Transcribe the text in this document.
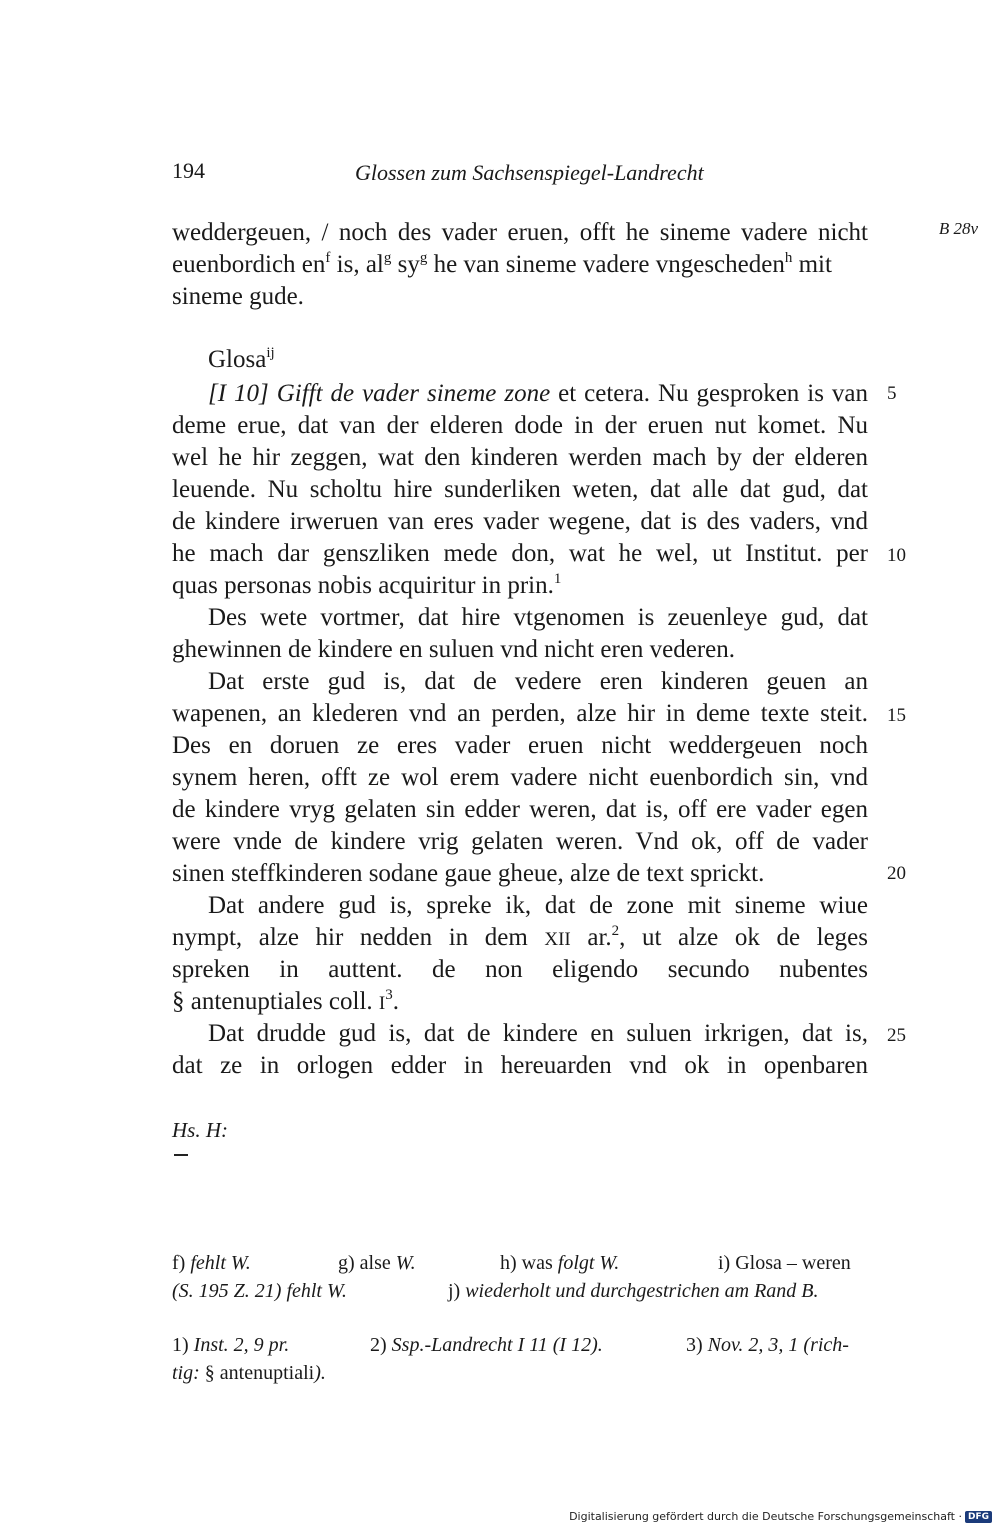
194	Glossen zum Sachsenspiegel-Landrecht
B 28v
weddergeuen, / noch des vader eruen, offt he sineme vadere nicht
euenbordich $en^f$ is, $al^g$ $sy^g$ he van sineme vadere vngescheden$^h$ mit
sineme gude.
Glosa$^{ij}$
[I 10] Gifft de vader sineme zone et cetera. Nu gesproken is van
deme erue, dat van der elderen dode in der eruen nut komet. Nu
wel he hir zeggen, wat den kinderen werden mach by der elderen
leuende. Nu scholtu hire sunderliken weten, dat alle dat gud, dat
de kindere irweruen van eres vader wegene, dat is des vaders, vnd
he mach dar genszliken mede don, wat he wel, ut Institut. per
quas personas nobis acquiritur in prin.$^1$
Des wete vortmer, dat hire vtgenomen is zeuenleye gud, dat
ghewinnen de kindere en suluen vnd nicht eren vederen.
Dat erste gud is, dat de vedere eren kinderen geuen an
wapenen, an klederen vnd an perden, alze hir in deme texte steit.
Des en doruen ze eres vader eruen nicht weddergeuen noch
synem heren, offt ze wol erem vadere nicht euenbordich sin, vnd
de kindere vryg gelaten sin edder weren, dat is, off ere vader egen
were vnde de kindere vrig gelaten weren. Vnd ok, off de vader
sinen steffkinderen sodane gaue gheue, alze de text sprickt.
Dat andere gud is, spreke ik, dat de zone mit sineme wiue
nympt, alze hir nedden in dem XII ar.$^2$, ut alze ok de leges
spreken in auttent. de non eligendo secundo nubentes
§ antenuptiales coll. $I^3$.
Dat drudde gud is, dat de kindere en suluen irkrigen, dat is,
dat ze in orlogen edder in hereuarden vnd ok in openbaren
5
10
15
20
25
Hs. H:
f) fehlt W.	g) alse W.	h) was folgt W.	i) Glosa – weren
(S. 195 Z. 21) fehlt W.	j) wiederholt und durchgestrichen am Rand B.
1) Inst. 2, 9 pr.	2) Ssp.-Landrecht I 11 (I 12).	3) Nov. 2, 3, 1 (rich-
tig: § antenuptiali).
Digitalisierung gefördert durch die Deutsche Forschungsgemeinschaft · DFG
